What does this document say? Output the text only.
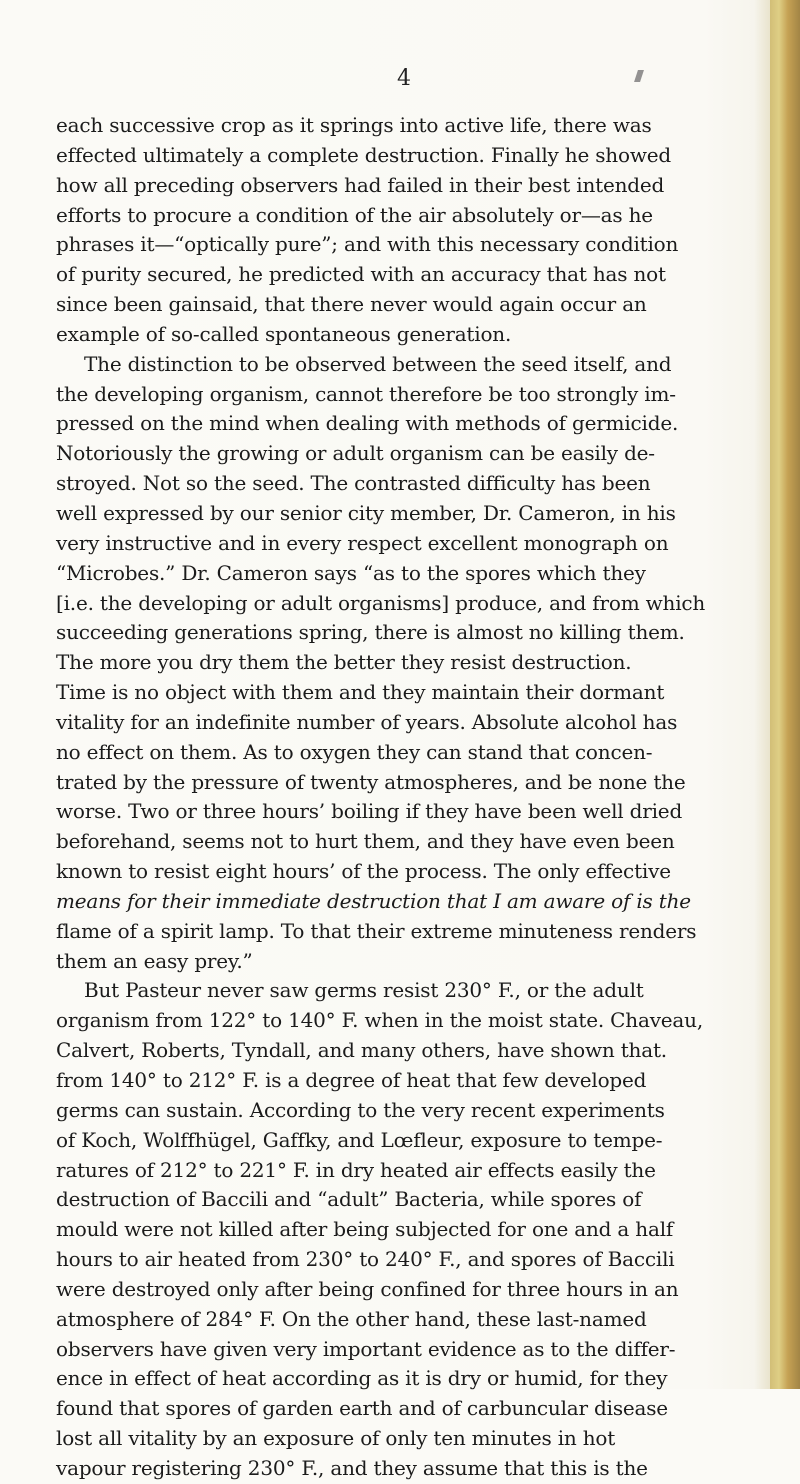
4
each successive crop as it springs into active life, there was
effected ultimately a complete destruction. Finally he showed
how all preceding observers had failed in their best intended
efforts to procure a condition of the air absolutely or—as he
phrases it—“optically pure”; and with this necessary condition
of purity secured, he predicted with an accuracy that has not
since been gainsaid, that there never would again occur an
example of so-called spontaneous generation.
The distinction to be observed between the seed itself, and
the developing organism, cannot therefore be too strongly im-
pressed on the mind when dealing with methods of germicide.
Notoriously the growing or adult organism can be easily de-
stroyed. Not so the seed. The contrasted difficulty has been
well expressed by our senior city member, Dr. Cameron, in his
very instructive and in every respect excellent monograph on
“Microbes.” Dr. Cameron says “as to the spores which they
[i.e. the developing or adult organisms] produce, and from which
succeeding generations spring, there is almost no killing them.
The more you dry them the better they resist destruction.
Time is no object with them and they maintain their dormant
vitality for an indefinite number of years. Absolute alcohol has
no effect on them. As to oxygen they can stand that concen-
trated by the pressure of twenty atmospheres, and be none the
worse. Two or three hours’ boiling if they have been well dried
beforehand, seems not to hurt them, and they have even been
known to resist eight hours’ of the process. The only effective
means for their immediate destruction that I am aware of is the
flame of a spirit lamp. To that their extreme minuteness renders
them an easy prey.”
But Pasteur never saw germs resist 230° F., or the adult
organism from 122° to 140° F. when in the moist state. Chaveau,
Calvert, Roberts, Tyndall, and many others, have shown that.
from 140° to 212° F. is a degree of heat that few developed
germs can sustain. According to the very recent experiments
of Koch, Wolffhügel, Gaffky, and Lœfleur, exposure to tempe-
ratures of 212° to 221° F. in dry heated air effects easily the
destruction of Baccili and “adult” Bacteria, while spores of
mould were not killed after being subjected for one and a half
hours to air heated from 230° to 240° F., and spores of Baccili
were destroyed only after being confined for three hours in an
atmosphere of 284° F. On the other hand, these last-named
observers have given very important evidence as to the differ-
ence in effect of heat according as it is dry or humid, for they
found that spores of garden earth and of carbuncular disease
lost all vitality by an exposure of only ten minutes in hot
vapour registering 230° F., and they assume that this is the
